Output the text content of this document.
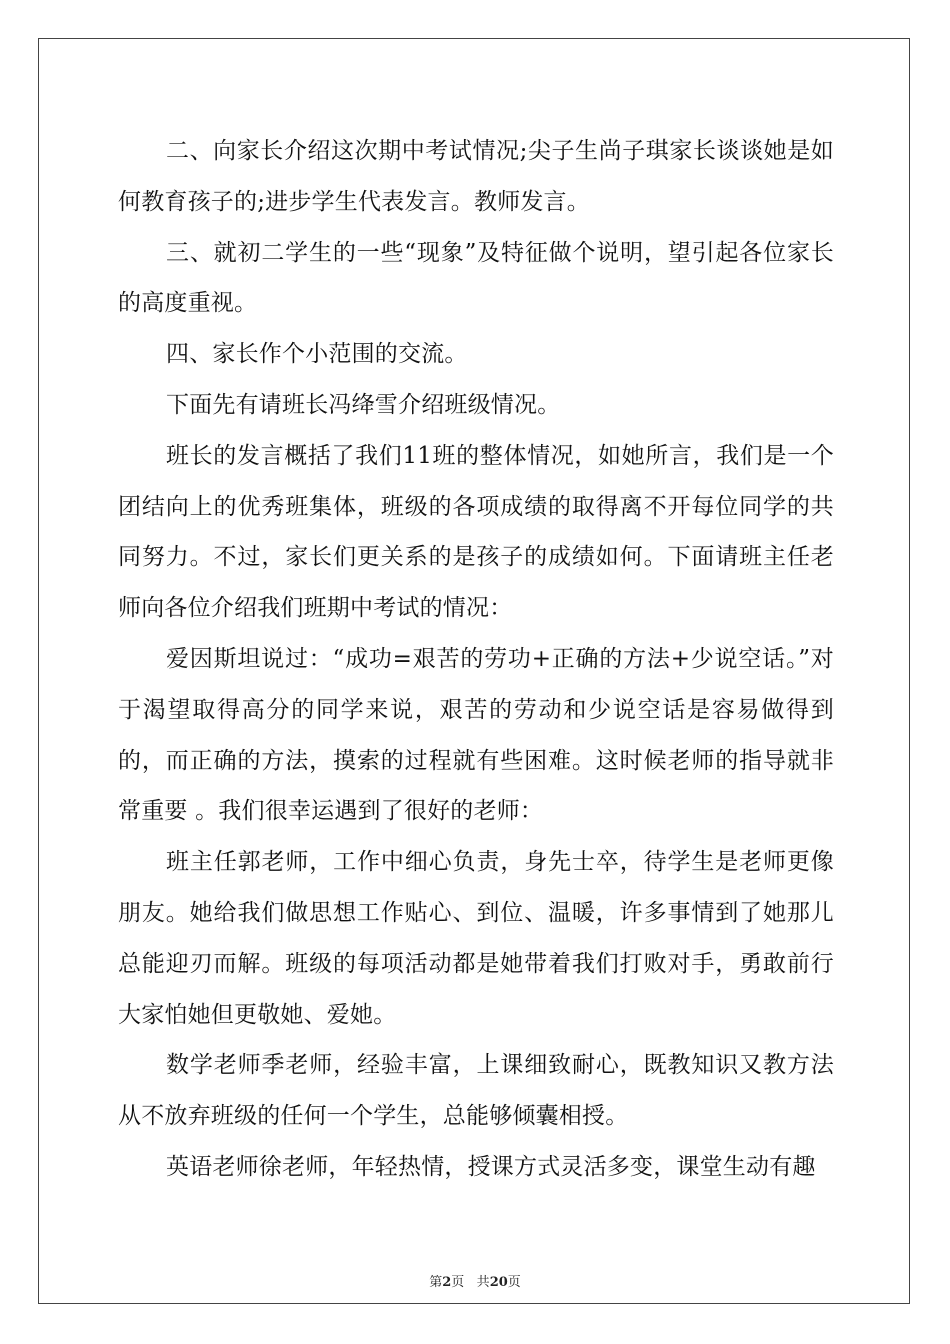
二、向家长介绍这次期中考试情况;尖子生尚子琪家长谈谈她是如何教育孩子的;进步学生代表发言。教师发言。

三、就初二学生的一些“现象”及特征做个说明，望引起各位家长的高度重视。

四、家长作个小范围的交流。

下面先有请班长冯绛雪介绍班级情况。

班长的发言概括了我们11班的整体情况，如她所言，我们是一个团结向上的优秀班集体，班级的各项成绩的取得离不开每位同学的共同努力。不过，家长们更关系的是孩子的成绩如何。下面请班主任老师向各位介绍我们班期中考试的情况：

爱因斯坦说过：“成功=艰苦的劳功+正确的方法+少说空话。”对于渴望取得高分的同学来说，艰苦的劳动和少说空话是容易做得到的，而正确的方法，摸索的过程就有些困难。这时候老师的指导就非常重要 。我们很幸运遇到了很好的老师：

班主任郭老师，工作中细心负责，身先士卒，待学生是老师更像朋友。她给我们做思想工作贴心、到位、温暖，许多事情到了她那儿总能迎刃而解。班级的每项活动都是她带着我们打败对手，勇敢前行大家怕她但更敬她、爱她。

数学老师季老师，经验丰富，上课细致耐心，既教知识又教方法从不放弃班级的任何一个学生，总能够倾囊相授。

英语老师徐老师，年轻热情，授课方式灵活多变，课堂生动有趣

第2页 共20页
